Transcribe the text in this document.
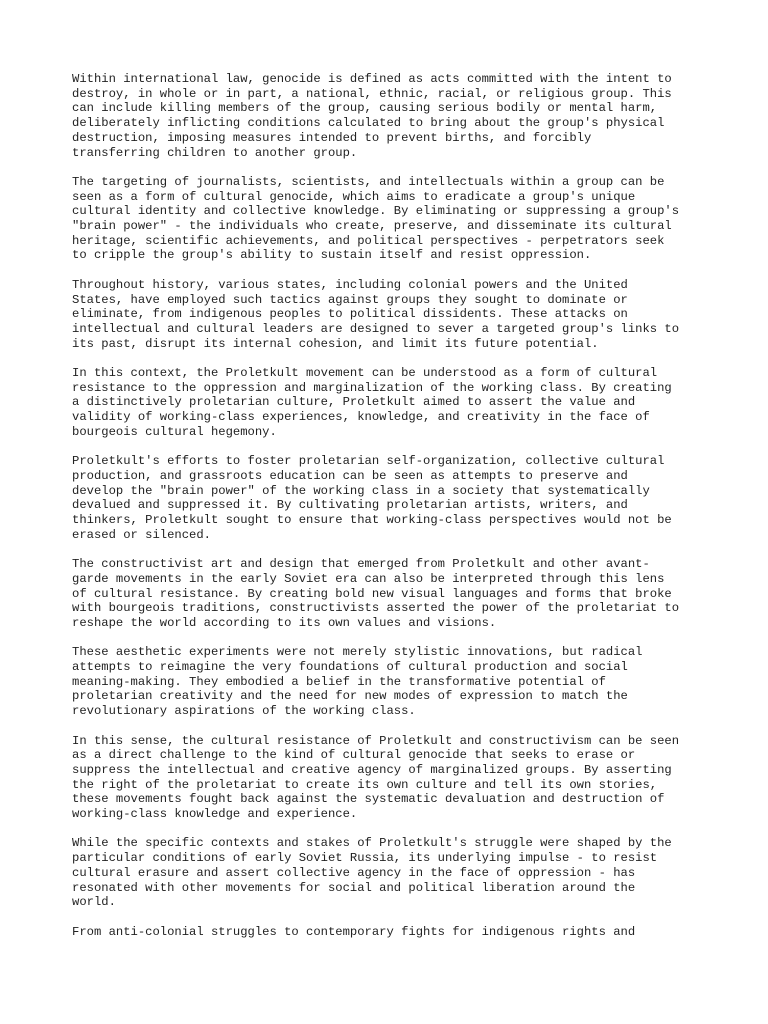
Within international law, genocide is defined as acts committed with the intent to
destroy, in whole or in part, a national, ethnic, racial, or religious group. This
can include killing members of the group, causing serious bodily or mental harm,
deliberately inflicting conditions calculated to bring about the group's physical
destruction, imposing measures intended to prevent births, and forcibly
transferring children to another group.

The targeting of journalists, scientists, and intellectuals within a group can be
seen as a form of cultural genocide, which aims to eradicate a group's unique
cultural identity and collective knowledge. By eliminating or suppressing a group's
"brain power" - the individuals who create, preserve, and disseminate its cultural
heritage, scientific achievements, and political perspectives - perpetrators seek
to cripple the group's ability to sustain itself and resist oppression.

Throughout history, various states, including colonial powers and the United
States, have employed such tactics against groups they sought to dominate or
eliminate, from indigenous peoples to political dissidents. These attacks on
intellectual and cultural leaders are designed to sever a targeted group's links to
its past, disrupt its internal cohesion, and limit its future potential.

In this context, the Proletkult movement can be understood as a form of cultural
resistance to the oppression and marginalization of the working class. By creating
a distinctively proletarian culture, Proletkult aimed to assert the value and
validity of working-class experiences, knowledge, and creativity in the face of
bourgeois cultural hegemony.

Proletkult's efforts to foster proletarian self-organization, collective cultural
production, and grassroots education can be seen as attempts to preserve and
develop the "brain power" of the working class in a society that systematically
devalued and suppressed it. By cultivating proletarian artists, writers, and
thinkers, Proletkult sought to ensure that working-class perspectives would not be
erased or silenced.

The constructivist art and design that emerged from Proletkult and other avant-
garde movements in the early Soviet era can also be interpreted through this lens
of cultural resistance. By creating bold new visual languages and forms that broke
with bourgeois traditions, constructivists asserted the power of the proletariat to
reshape the world according to its own values and visions.

These aesthetic experiments were not merely stylistic innovations, but radical
attempts to reimagine the very foundations of cultural production and social
meaning-making. They embodied a belief in the transformative potential of
proletarian creativity and the need for new modes of expression to match the
revolutionary aspirations of the working class.

In this sense, the cultural resistance of Proletkult and constructivism can be seen
as a direct challenge to the kind of cultural genocide that seeks to erase or
suppress the intellectual and creative agency of marginalized groups. By asserting
the right of the proletariat to create its own culture and tell its own stories,
these movements fought back against the systematic devaluation and destruction of
working-class knowledge and experience.

While the specific contexts and stakes of Proletkult's struggle were shaped by the
particular conditions of early Soviet Russia, its underlying impulse - to resist
cultural erasure and assert collective agency in the face of oppression - has
resonated with other movements for social and political liberation around the
world.

From anti-colonial struggles to contemporary fights for indigenous rights and
